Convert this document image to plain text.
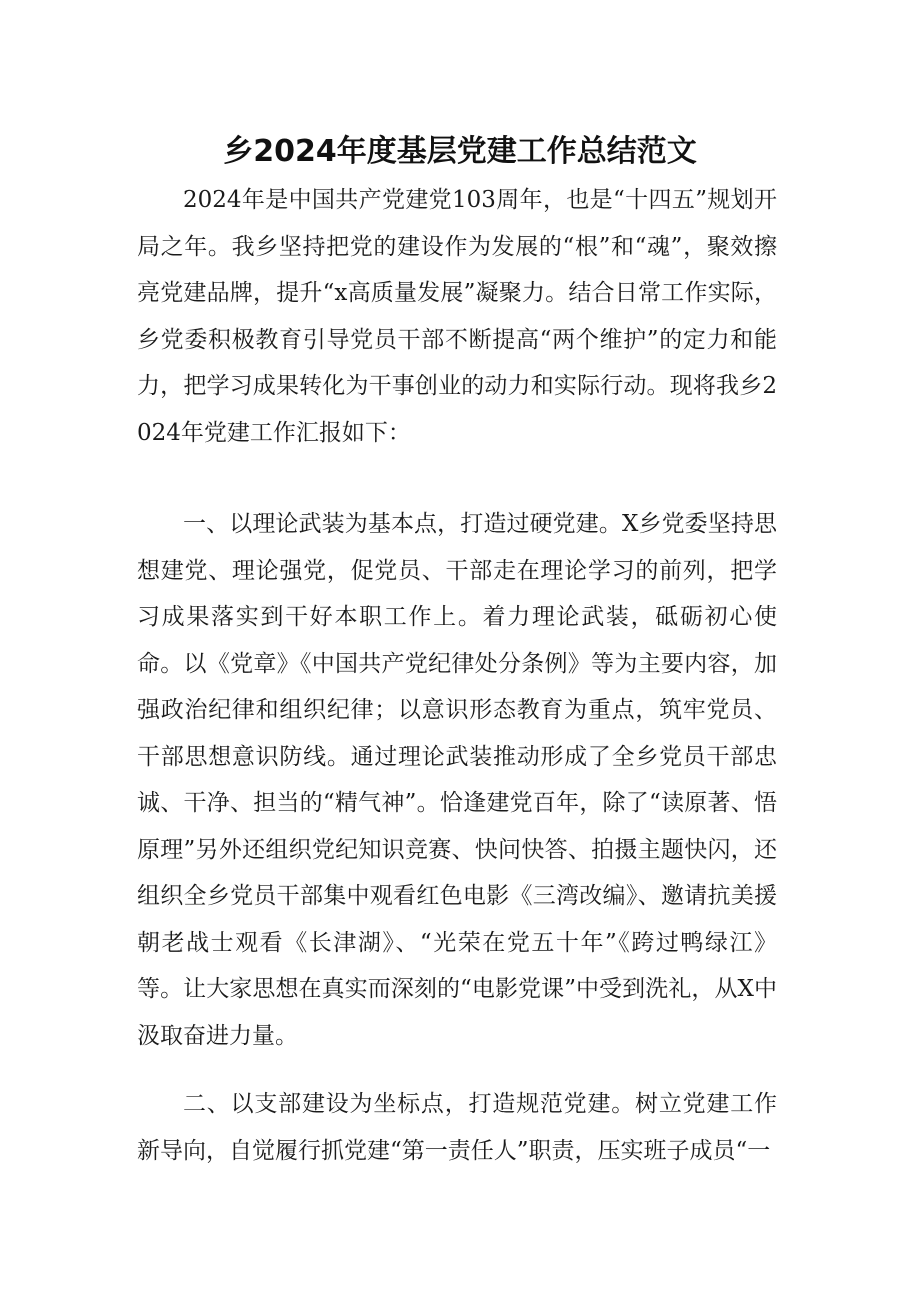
乡2024年度基层党建工作总结范文

2024年是中国共产党建党103周年，也是“十四五”规划开局之年。我乡坚持把党的建设作为发展的“根”和“魂”，聚效擦亮党建品牌，提升“x高质量发展”凝聚力。结合日常工作实际，乡党委积极教育引导党员干部不断提高“两个维护”的定力和能力，把学习成果转化为干事创业的动力和实际行动。现将我乡2024年党建工作汇报如下：

一、以理论武装为基本点，打造过硬党建。X乡党委坚持思想建党、理论强党，促党员、干部走在理论学习的前列，把学习成果落实到干好本职工作上。着力理论武装，砥砺初心使命。以《党章》《中国共产党纪律处分条例》等为主要内容，加强政治纪律和组织纪律；以意识形态教育为重点，筑牢党员、干部思想意识防线。通过理论武装推动形成了全乡党员干部忠诚、干净、担当的“精气神”。恰逢建党百年，除了“读原著、悟原理”另外还组织党纪知识竞赛、快问快答、拍摄主题快闪，还组织全乡党员干部集中观看红色电影《三湾改编》、邀请抗美援朝老战士观看《长津湖》、“光荣在党五十年”《跨过鸭绿江》等。让大家思想在真实而深刻的“电影党课”中受到洗礼，从X中汲取奋进力量。

二、以支部建设为坐标点，打造规范党建。树立党建工作新导向，自觉履行抓党建“第一责任人”职责，压实班子成员“一
